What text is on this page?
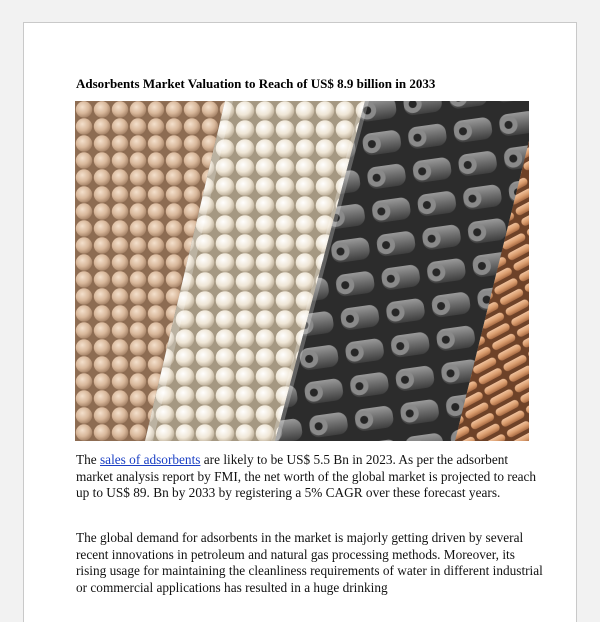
Adsorbents Market Valuation to Reach of US$ 8.9 billion in 2033

The sales of adsorbents are likely to be US$ 5.5 Bn in 2023. As per the adsorbent market analysis report by FMI, the net worth of the global market is projected to reach up to US$ 89. Bn by 2033 by registering a 5% CAGR over these forecast years.

The global demand for adsorbents in the market is majorly getting driven by several recent innovations in petroleum and natural gas processing methods. Moreover, its rising usage for maintaining the cleanliness requirements of water in different industrial or commercial applications has resulted in a huge drinking
